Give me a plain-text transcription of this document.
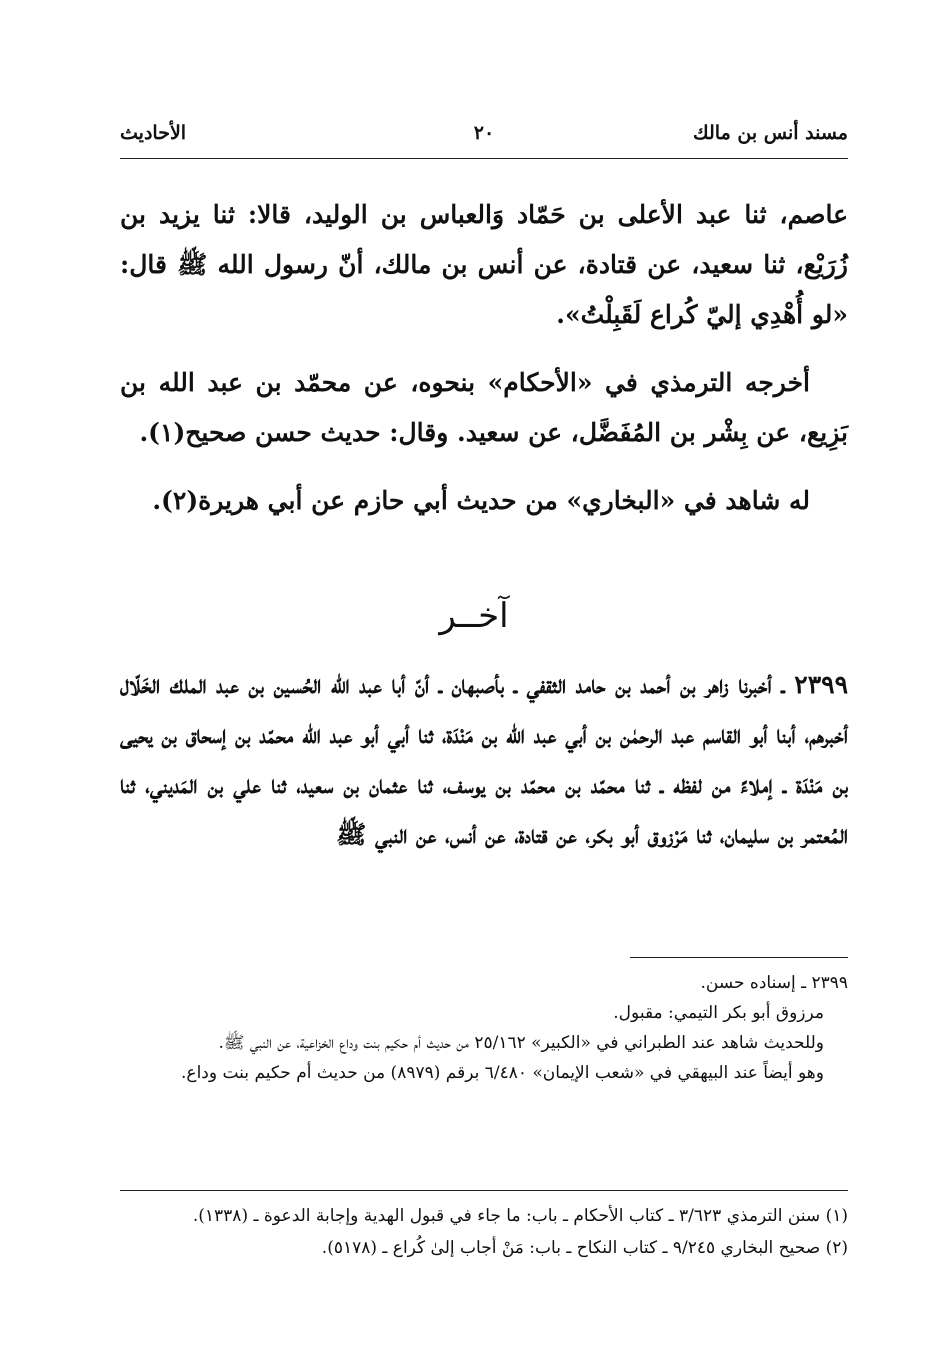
مسند أنس بن مالك
٢٠
الأحاديث

عاصم، ثنا عبد الأعلى بن حَمّاد وَالعباس بن الوليد، قالا: ثنا يزيد بن زُرَيْع، ثنا سعيد، عن قتادة، عن أنس بن مالك، أنّ رسول الله ﷺ قال: «لو أُهْدِي إليّ كُراع لَقَبِلْتُ».

أخرجه الترمذي في «الأحكام» بنحوه، عن محمّد بن عبد الله بن بَزِيع، عن بِشْر بن المُفَضَّل، عن سعيد. وقال: حديث حسن صحيح(١).

له شاهد في «البخاري» من حديث أبي حازم عن أبي هريرة(٢).

آخــر
٢٣٩٩ ـ أخبرنا زاهر بن أحمد بن حامد الثقفي ـ بأصبهان ـ أنّ أبا عبد الله الحُسين بن عبد الملك الخَلّال أخبرهم، أبنا أبو القاسم عبد الرحمٰن بن أبي عبد الله بن مَنْدَة، ثنا أبي أبو عبد الله محمّد بن إسحاق بن يحيى بن مَنْدَة ـ إملاءً من لفظه ـ ثنا محمّد بن محمّد بن يوسف، ثنا عثمان بن سعيد، ثنا علي بن المَديني، ثنا المُعتمر بن سليمان، ثنا مَرْزوق أبو بكر، عن قتادة، عن أنس، عن النبي ﷺ

٢٣٩٩ ـ إسناده حسن.

مرزوق أبو بكر التيمي: مقبول.

وللحديث شاهد عند الطبراني في «الكبير» ٢٥/١٦٢ من حديث أم حكيم بنت وداع الخزاعية، عن النبي ﷺ.

وهو أيضاً عند البيهقي في «شعب الإيمان» ٦/٤٨٠ برقم (٨٩٧٩) من حديث أم حكيم بنت وداع.

(١) سنن الترمذي ٣/٦٢٣ ـ كتاب الأحكام ـ باب: ما جاء في قبول الهدية وإجابة الدعوة ـ (١٣٣٨).

(٢) صحيح البخاري ٩/٢٤٥ ـ كتاب النكاح ـ باب: مَنْ أجاب إلىٰ كُراع ـ (٥١٧٨).
